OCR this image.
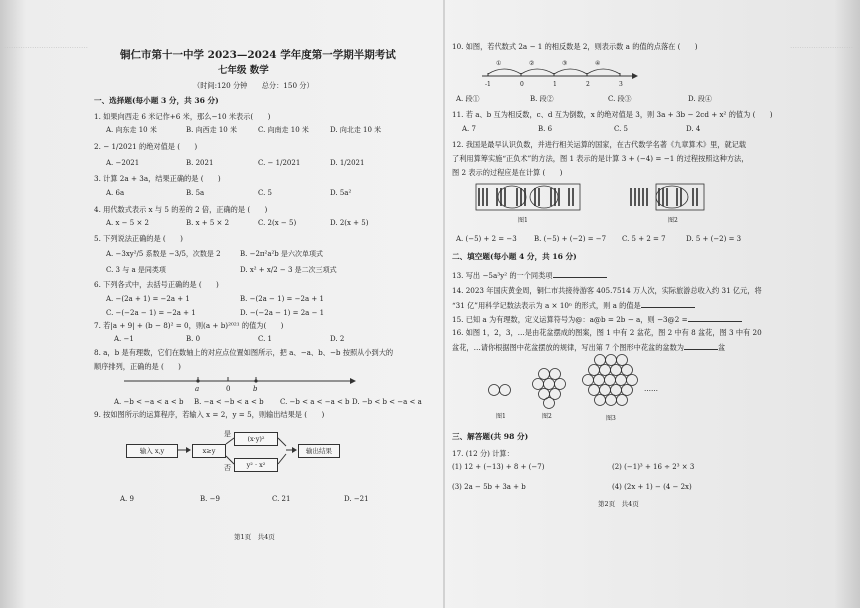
………………………………	………………………
铜仁市第十一中学 2023—2024 学年度第一学期半期考试
七年级 数学
（时间:120 分钟　　总分：150 分）
一、选择题(每小题 3 分，共 36 分)
1. 如果向西走 6 米记作+6 米，那么−10 米表示(　　)
A. 向东走 10 米	B. 向西走 10 米	C. 向南走 10 米	D. 向北走 10 米
2. − 1/2021 的绝对值是 (　　)
A. −2021	B. 2021	C. − 1/2021	D. 1/2021
3. 计算 2a + 3a，结果正确的是 (　　)
A. 6a	B. 5a	C. 5	D. 5a²
4. 用代数式表示 x 与 5 的差的 2 倍，正确的是 (　　)
A. x − 5 × 2	B. x + 5 × 2	C. 2(x − 5)	D. 2(x + 5)
5. 下列说法正确的是 (　　)
A. −3xy²/5 系数是 −3/5，次数是 2	B. −2π²a²b 是六次单项式
C. 3 与 a 是同类项	D. x² + x/2 − 3 是二次三项式
6. 下列各式中，去括号正确的是 (　　)
A. −(2a + 1) = −2a + 1	B. −(2a − 1) = −2a + 1
C. −(−2a − 1) = −2a + 1	D. −(−2a − 1) = 2a − 1
7. 若|a + 9| + (b − 8)² = 0，则(a + b)²⁰²¹ 的值为(　　)
A. −1	B. 0	C. 1	D. 2
8. a，b 是有理数，它们在数轴上的对应点位置如图所示，把 a、−a、b、−b 按照从小到大的
顺序排列，正确的是 (　　)
a	0	b
A. −b < −a < a < b B. −a < −b < a < b C. −b < a < −a < b D. −b < b < −a < a
9. 按如图所示的运算程序，若输入 x = 2，y = 5，则输出结果是 (　　)
输入 x,y	x≥y
(x·y)²
y² · x²
输出结果
是
否
A. 9	B. −9	C. 21	D. −21
第1页　共4页
10. 如图，若代数式 2a − 1 的相反数是 2，则表示数 a 的值的点落在 (　　)
①	②	③	④
-1	0	1	2	3
A. 段①	B. 段②	C. 段③	D. 段④
11. 若 a、b 互为相反数，c、d 互为倒数，x 的绝对值是 3，则 3a + 3b − 2cd + x² 的值为 (　　)
A. 7	B. 6	C. 5	D. 4
12. 我国是最早认识负数，并进行相关运算的国家，在古代数学名著《九章算术》里，就记载
了利用算筹实施“正负术”的方法，图 1 表示的是计算 3 + (−4) = −1 的过程按照这种方法，
图 2 表示的过程应是在计算 (　　)
图1	图2
A. (−5) + 2 = −3 B. (−5) + (−2) = −7 C. 5 + 2 = 7	D. 5 + (−2) = 3
二、填空题(每小题 4 分，共 16 分)
13. 写出 −5a³y² 的一个同类项
14. 2023 年国庆黄金周，铜仁市共接待游客 405.7514 万人次，实际旅游总收入约 31 亿元，将
“31 亿”用科学记数法表示为 a × 10ⁿ 的形式，则 a 的值是
15. 已知 a 为有理数，定义运算符号为@：a@b = 2b − a，则 −3@2 =
16. 如图 1，2，3，…是由花盆摆成的图案，图 1 中有 2 盆花，图 2 中有 8 盆花，图 3 中有 20
盆花，…请你根据图中花盆摆放的规律，写出第 7 个图形中花盆的盆数为	盆
……
图1	图2	图3
三、解答题(共 98 分)
17. (12 分) 计算：
(1) 12 + (−13) + 8 + (−7)	(2) (−1)³ + 16 ÷ 2³ × 3
(3) 2a − 5b + 3a + b	(4) (2x + 1) − (4 − 2x)
第2页　共4页
